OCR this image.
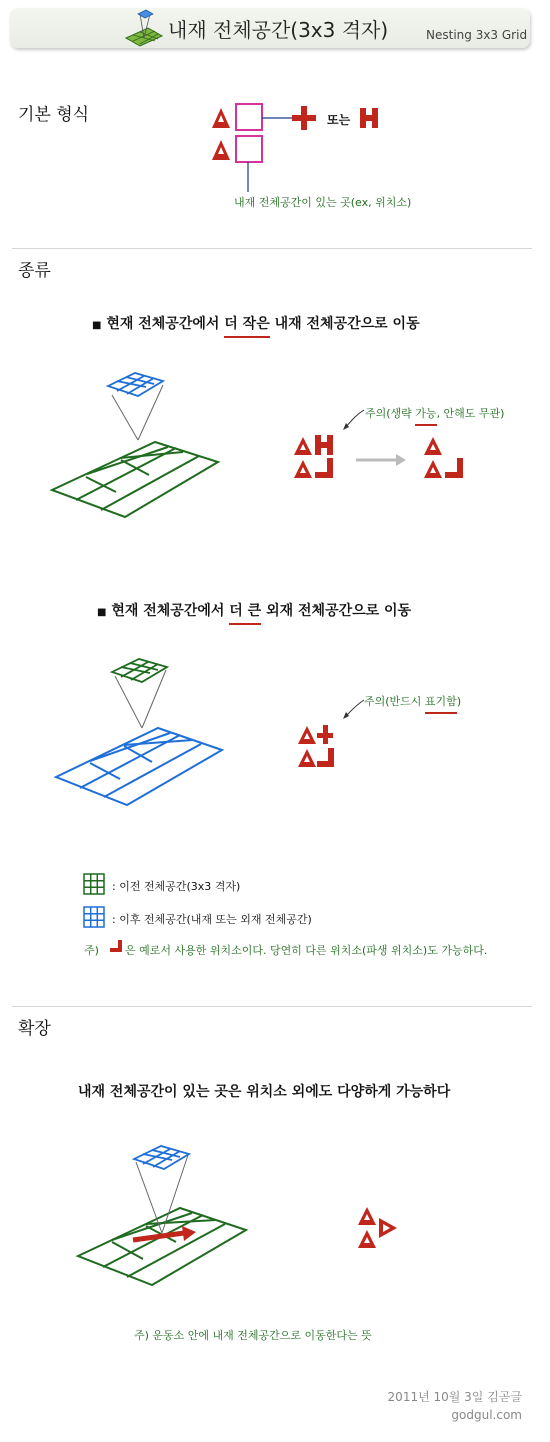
내재 전체공간(3x3 격자)	Nesting 3x3 Grid
기본 형식	또는
내재 전체공간이 있는 곳(ex, 위치소)
종류
■ 현재 전체공간에서 더 작은 내재 전체공간으로 이동
주의(생략 가능, 안해도 무관)
■ 현재 전체공간에서 더 큰 외재 전체공간으로 이동
주의(반드시 표기함)
: 이전 전체공간(3x3 격자)
: 이후 전체공간(내재 또는 외재 전체공간)
주) 은 예로서 사용한 위치소이다. 당연히 다른 위치소(파생 위치소)도 가능하다.
확장
내재 전체공간이 있는 곳은 위치소 외에도 다양하게 가능하다
주) 운동소 안에 내재 전체공간으로 이동한다는 뜻
2011년 10월 3일 김곧글
godgul.com
